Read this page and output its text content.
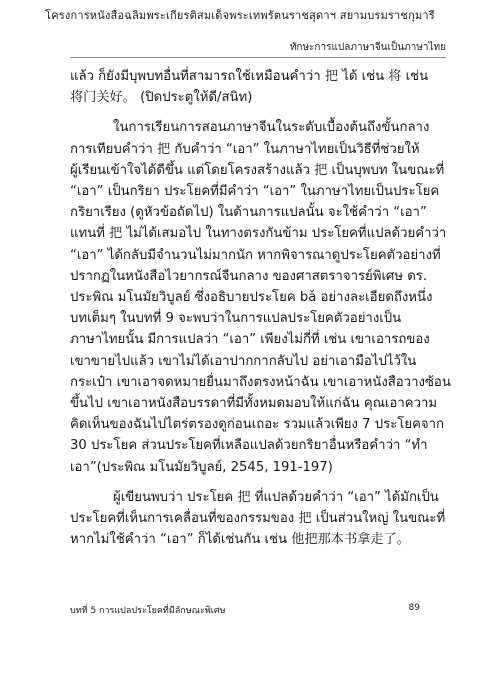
โครงการหนังสือฉลิมพระเกียรติสมเด็จพระเทพรัตนราชสุดาฯ สยามบรมราชกุมารี
ทักษะการแปลภาษาจีนเป็นภาษาไทย

แล้ว ก็ยังมีบุพบทอื่นที่สามารถใช้เหมือนคำว่า 把 ได้ เช่น 将 เช่น

将门关好。 (ปิดประตูให้ดี/สนิท)

ในการเรียนการสอนภาษาจีนในระดับเบื้องต้นถึงขั้นกลาง

การเทียบคำว่า 把 กับคำว่า “เอา” ในภาษาไทยเป็นวิธีที่ช่วยให้

ผู้เรียนเข้าใจได้ดีขึ้น แต่โดยโครงสร้างแล้ว 把 เป็นบุพบท ในขณะที่

“เอา” เป็นกริยา ประโยคที่มีคำว่า “เอา” ในภาษาไทยเป็นประโยค

กริยาเรียง (ดูหัวข้อถัดไป) ในด้านการแปลนั้น จะใช้คำว่า “เอา”

แทนที่ 把 ไม่ได้เสมอไป ในทางตรงกันข้าม ประโยคที่แปลด้วยคำว่า

“เอา” ได้กลับมีจำนวนไม่มากนัก หากพิจารณาดูประโยคตัวอย่างที่

ปรากฏในหนังสือไวยากรณ์จีนกลาง ของศาสตราจารย์พิเศษ ดร.

ประพิณ มโนมัยวิบูลย์ ซึ่งอธิบายประโยค bǎ อย่างละเอียดถึงหนึ่ง

บทเต็มๆ ในบทที่ 9 จะพบว่าในการแปลประโยคตัวอย่างเป็น

ภาษาไทยนั้น มีการแปลว่า “เอา” เพียงไม่กี่ที่ เช่น เขาเอารถของ

เขาขายไปแล้ว เขาไม่ได้เอาปากกากลับไป อย่าเอามือไปไว้ใน

กระเป๋า เขาเอาจดหมายยื่นมาถึงตรงหน้าฉัน เขาเอาหนังสือวางซ้อน

ขึ้นไป เขาเอาหนังสือบรรดาที่มีทั้งหมดมอบให้แก่ฉัน คุณเอาความ

คิดเห็นของฉันไปไตร่ตรองดูก่อนเถอะ รวมแล้วเพียง 7 ประโยคจาก

30 ประโยค ส่วนประโยคที่เหลือแปลด้วยกริยาอื่นหรือคำว่า “ทำ

เอา”(ประพิณ มโนมัยวิบูลย์, 2545, 191-197)

ผู้เขียนพบว่า ประโยค 把 ที่แปลด้วยคำว่า “เอา” ได้มักเป็น

ประโยคที่เห็นการเคลื่อนที่ของกรรมของ 把 เป็นส่วนใหญ่ ในขณะที่

หากไม่ใช้คำว่า “เอา” ก็ได้เช่นกัน เช่น 他把那本书拿走了。

บทที่ 5 การแปลประโยคที่มีลักษณะพิเศษ	89
